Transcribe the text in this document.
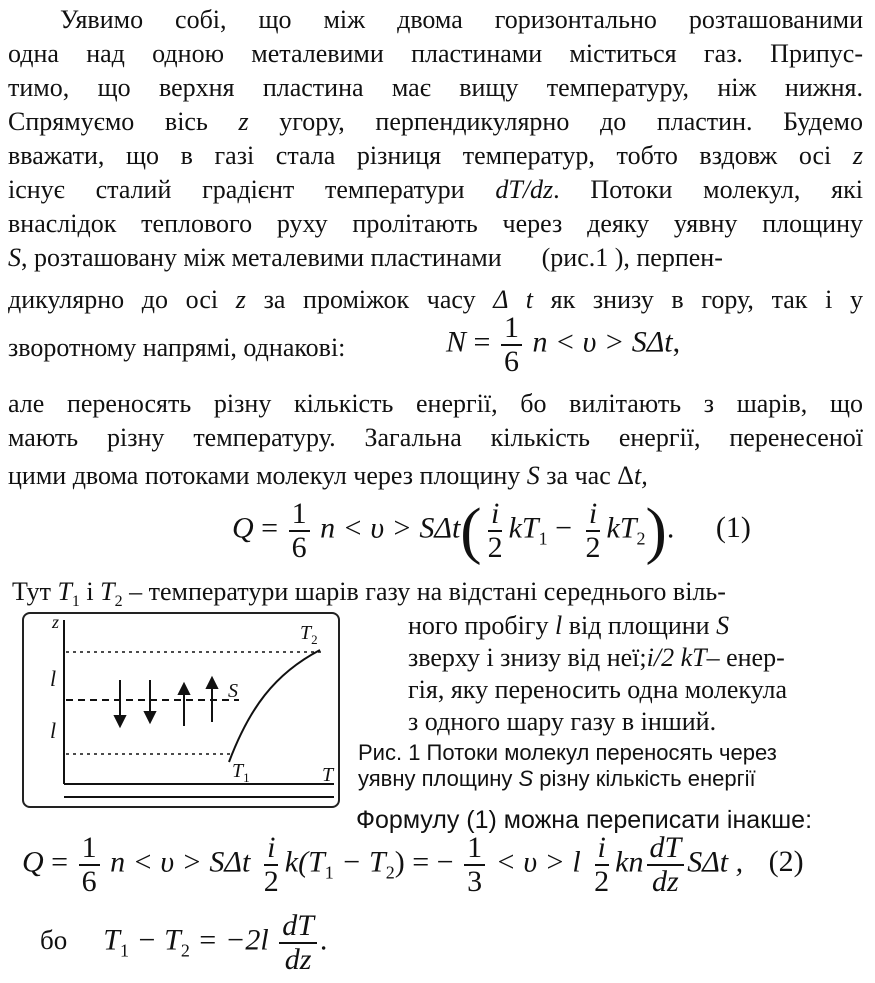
Уявимо собі, що між двома горизонтально розташованими
одна над одною металевими пластинами міститься газ. Припус-
тимо, що верхня пластина має вищу температуру, ніж нижня.
Спрямуємо вісь z угору, перпендикулярно до пластин. Будемо
вважати, що в газі стала різниця температур, тобто вздовж осі z
існує сталий градієнт температури dT/dz. Потоки молекул, які
внаслідок теплового руху пролітають через деяку уявну площину
S, розташовану між металевими пластинами (рис.1 ), перпен-
дикулярно до осі z за проміжок часу Δ t як знизу в гору, так і у
зворотному напрямі, однакові:	$N = \frac{1}{6}$ n < υ > SΔt,
але переносять різну кількість енергії, бо вилітають з шарів, що
мають різну температуру. Загальна кількість енергії, перенесеної
цими двома потоками молекул через площину S за час Δt,
$Q = \frac{1}{6}$ $n < \upsilon > S\Delta t( \frac{i}{2} kT_1 - \frac{i}{2} kT_2)$. (1)
Тут $T_1$ і $T_2$ – температури шарів газу на відстані середнього віль-
ного пробігу l від площини S
зверху і знизу від неї;i/2 kT– енер-
гія, яку переносить одна молекула
з одного шару газу в інший.
z
l
l
S
$T_2$
$T_1$	T
Рис. 1 Потоки молекул переносять через
уявну площину S різну кількість енергії
Формулу (1) можна переписати інакше:
$Q = \frac{1}{6}$ n < υ > SΔt $\frac{i}{2} k(T_1 - T_2)$ = − $\frac{1}{3} < \upsilon > l \frac{i}{2}$ kn $\frac{dT}{dz}$ SΔt , (2)
бо $T_1 - T_2 = -2l \frac{dT}{dz}$ .
